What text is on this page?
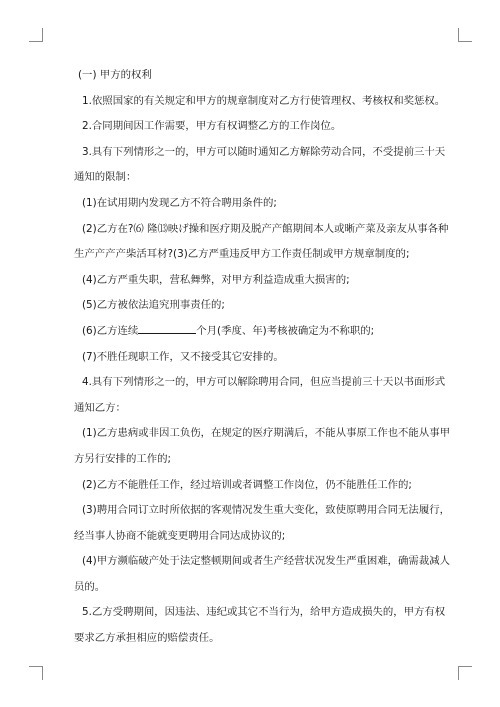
(一) 甲方的权利

1.依照国家的有关规定和甲方的规章制度对乙方行使管理权、考核权和奖惩权。

2.合同期间因工作需要，甲方有权调整乙方的工作岗位。

3.具有下列情形之一的，甲方可以随时通知乙方解除劳动合同，不受提前三十天

通知的限制：

(1)在试用期内发现乙方不符合聘用条件的;

(2)乙方在?⑹ 隆⒀映げ操和医疗期及脱产产館期间本人或晰产菜及亲友从事各种

生产产产产柴活耳材?(3)乙方严重违反甲方工作责任制或甲方规章制度的;

(4)乙方严重失职，营私舞弊，对甲方利益造成重大损害的;

(5)乙方被依法追究刑事责任的;

(6)乙方连续	个月(季度、年)考核被确定为不称职的;

(7)不胜任现职工作，又不接受其它安排的。

4.具有下列情形之一的，甲方可以解除聘用合同，但应当提前三十天以书面形式

通知乙方：

(1)乙方患病或非因工负伤，在规定的医疗期满后，不能从事原工作也不能从事甲

方另行安排的工作的;

(2)乙方不能胜任工作，经过培训或者调整工作岗位，仍不能胜任工作的;

(3)聘用合同订立时所依据的客观情况发生重大变化，致使原聘用合同无法履行，

经当事人协商不能就变更聘用合同达成协议的;

(4)甲方濒临破产处于法定整顿期间或者生产经营状况发生严重困难，确需裁减人

员的。

5.乙方受聘期间，因违法、违纪或其它不当行为，给甲方造成损失的，甲方有权

要求乙方承担相应的赔偿责任。
